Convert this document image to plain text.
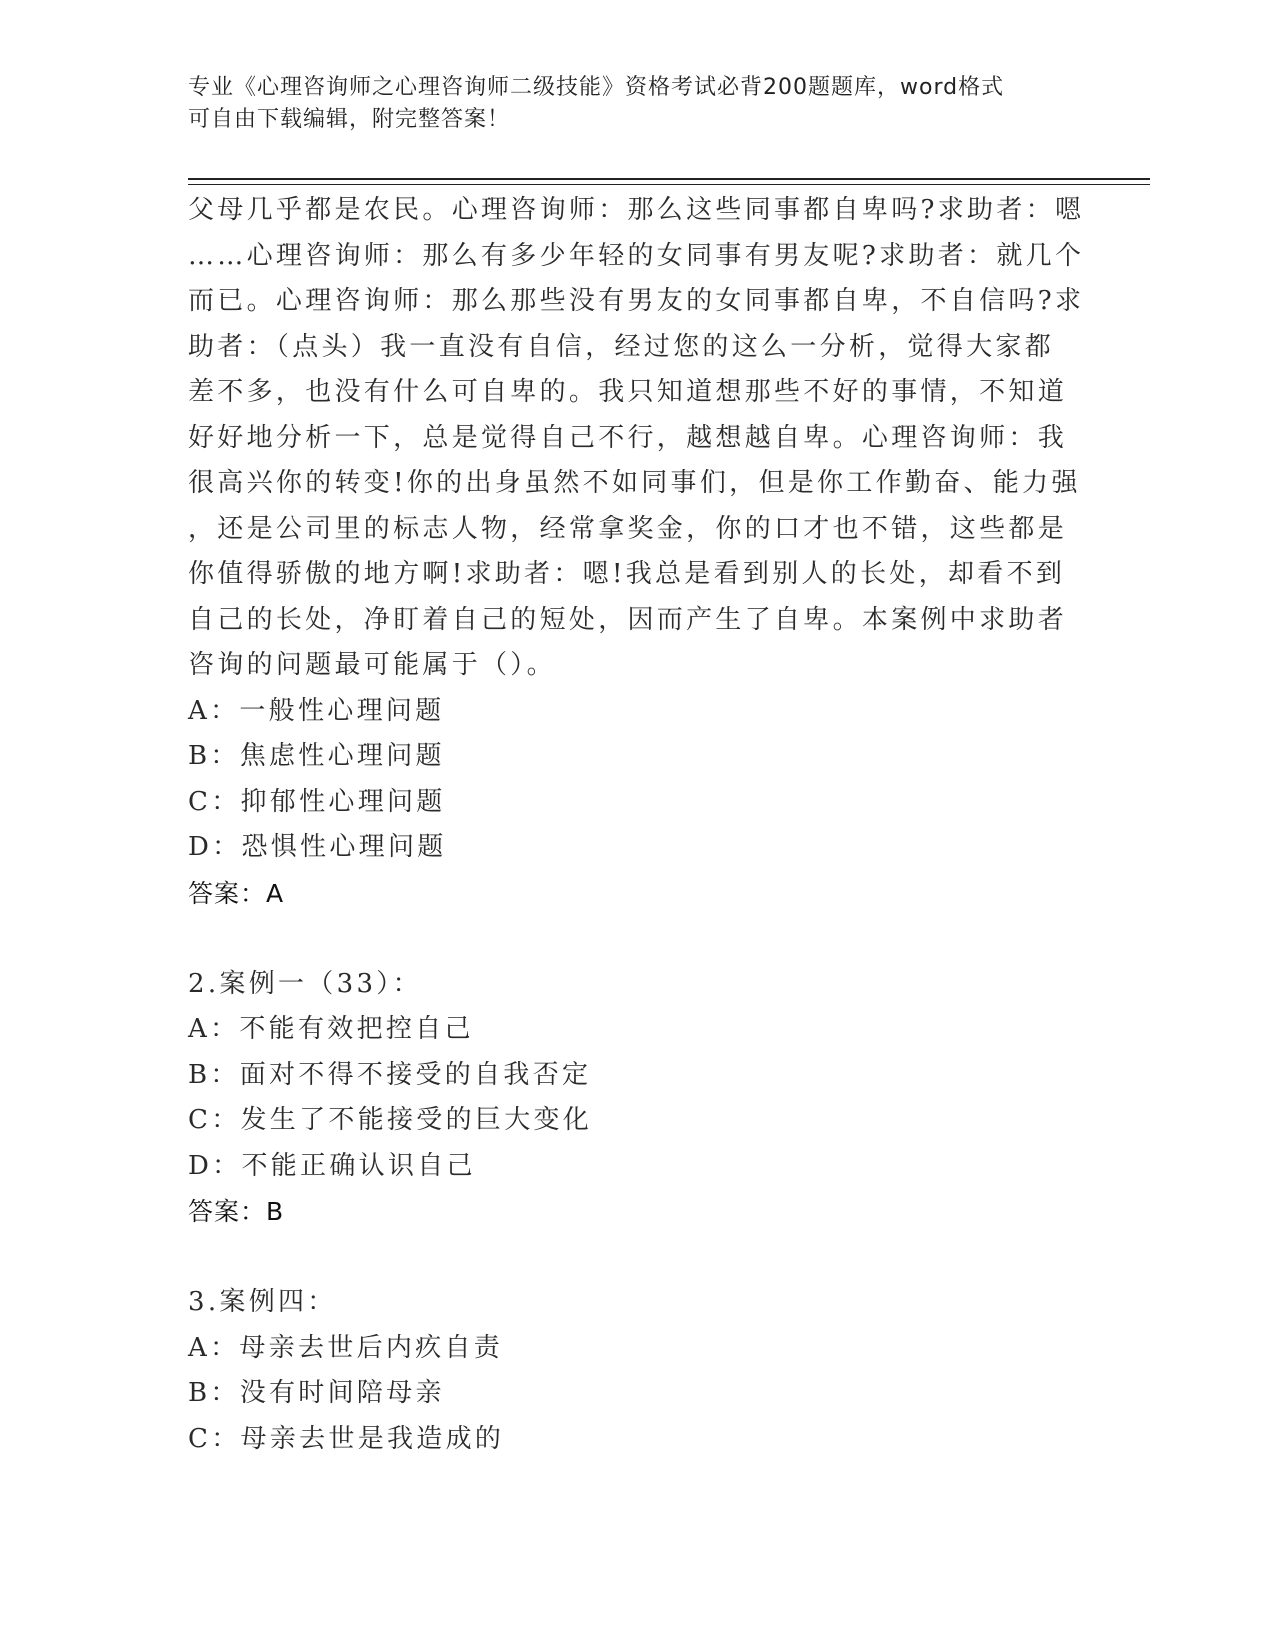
专业《心理咨询师之心理咨询师二级技能》资格考试必背200题题库，word格式
可自由下载编辑，附完整答案！
父母几乎都是农民。心理咨询师：那么这些同事都自卑吗?求助者：嗯
……心理咨询师：那么有多少年轻的女同事有男友呢?求助者：就几个
而已。心理咨询师：那么那些没有男友的女同事都自卑，不自信吗?求
助者：（点头）我一直没有自信，经过您的这么一分析，觉得大家都
差不多，也没有什么可自卑的。我只知道想那些不好的事情，不知道
好好地分析一下，总是觉得自己不行，越想越自卑。心理咨询师：我
很高兴你的转变!你的出身虽然不如同事们，但是你工作勤奋、能力强
，还是公司里的标志人物，经常拿奖金，你的口才也不错，这些都是
你值得骄傲的地方啊!求助者：嗯!我总是看到别人的长处，却看不到
自己的长处，净盯着自己的短处，因而产生了自卑。本案例中求助者
咨询的问题最可能属于（）。
A：一般性心理问题
B：焦虑性心理问题
C：抑郁性心理问题
D：恐惧性心理问题
答案：A
2.案例一（33）：
A：不能有效把控自己
B：面对不得不接受的自我否定
C：发生了不能接受的巨大变化
D：不能正确认识自己
答案：B
3.案例四：
A：母亲去世后内疚自责
B：没有时间陪母亲
C：母亲去世是我造成的
